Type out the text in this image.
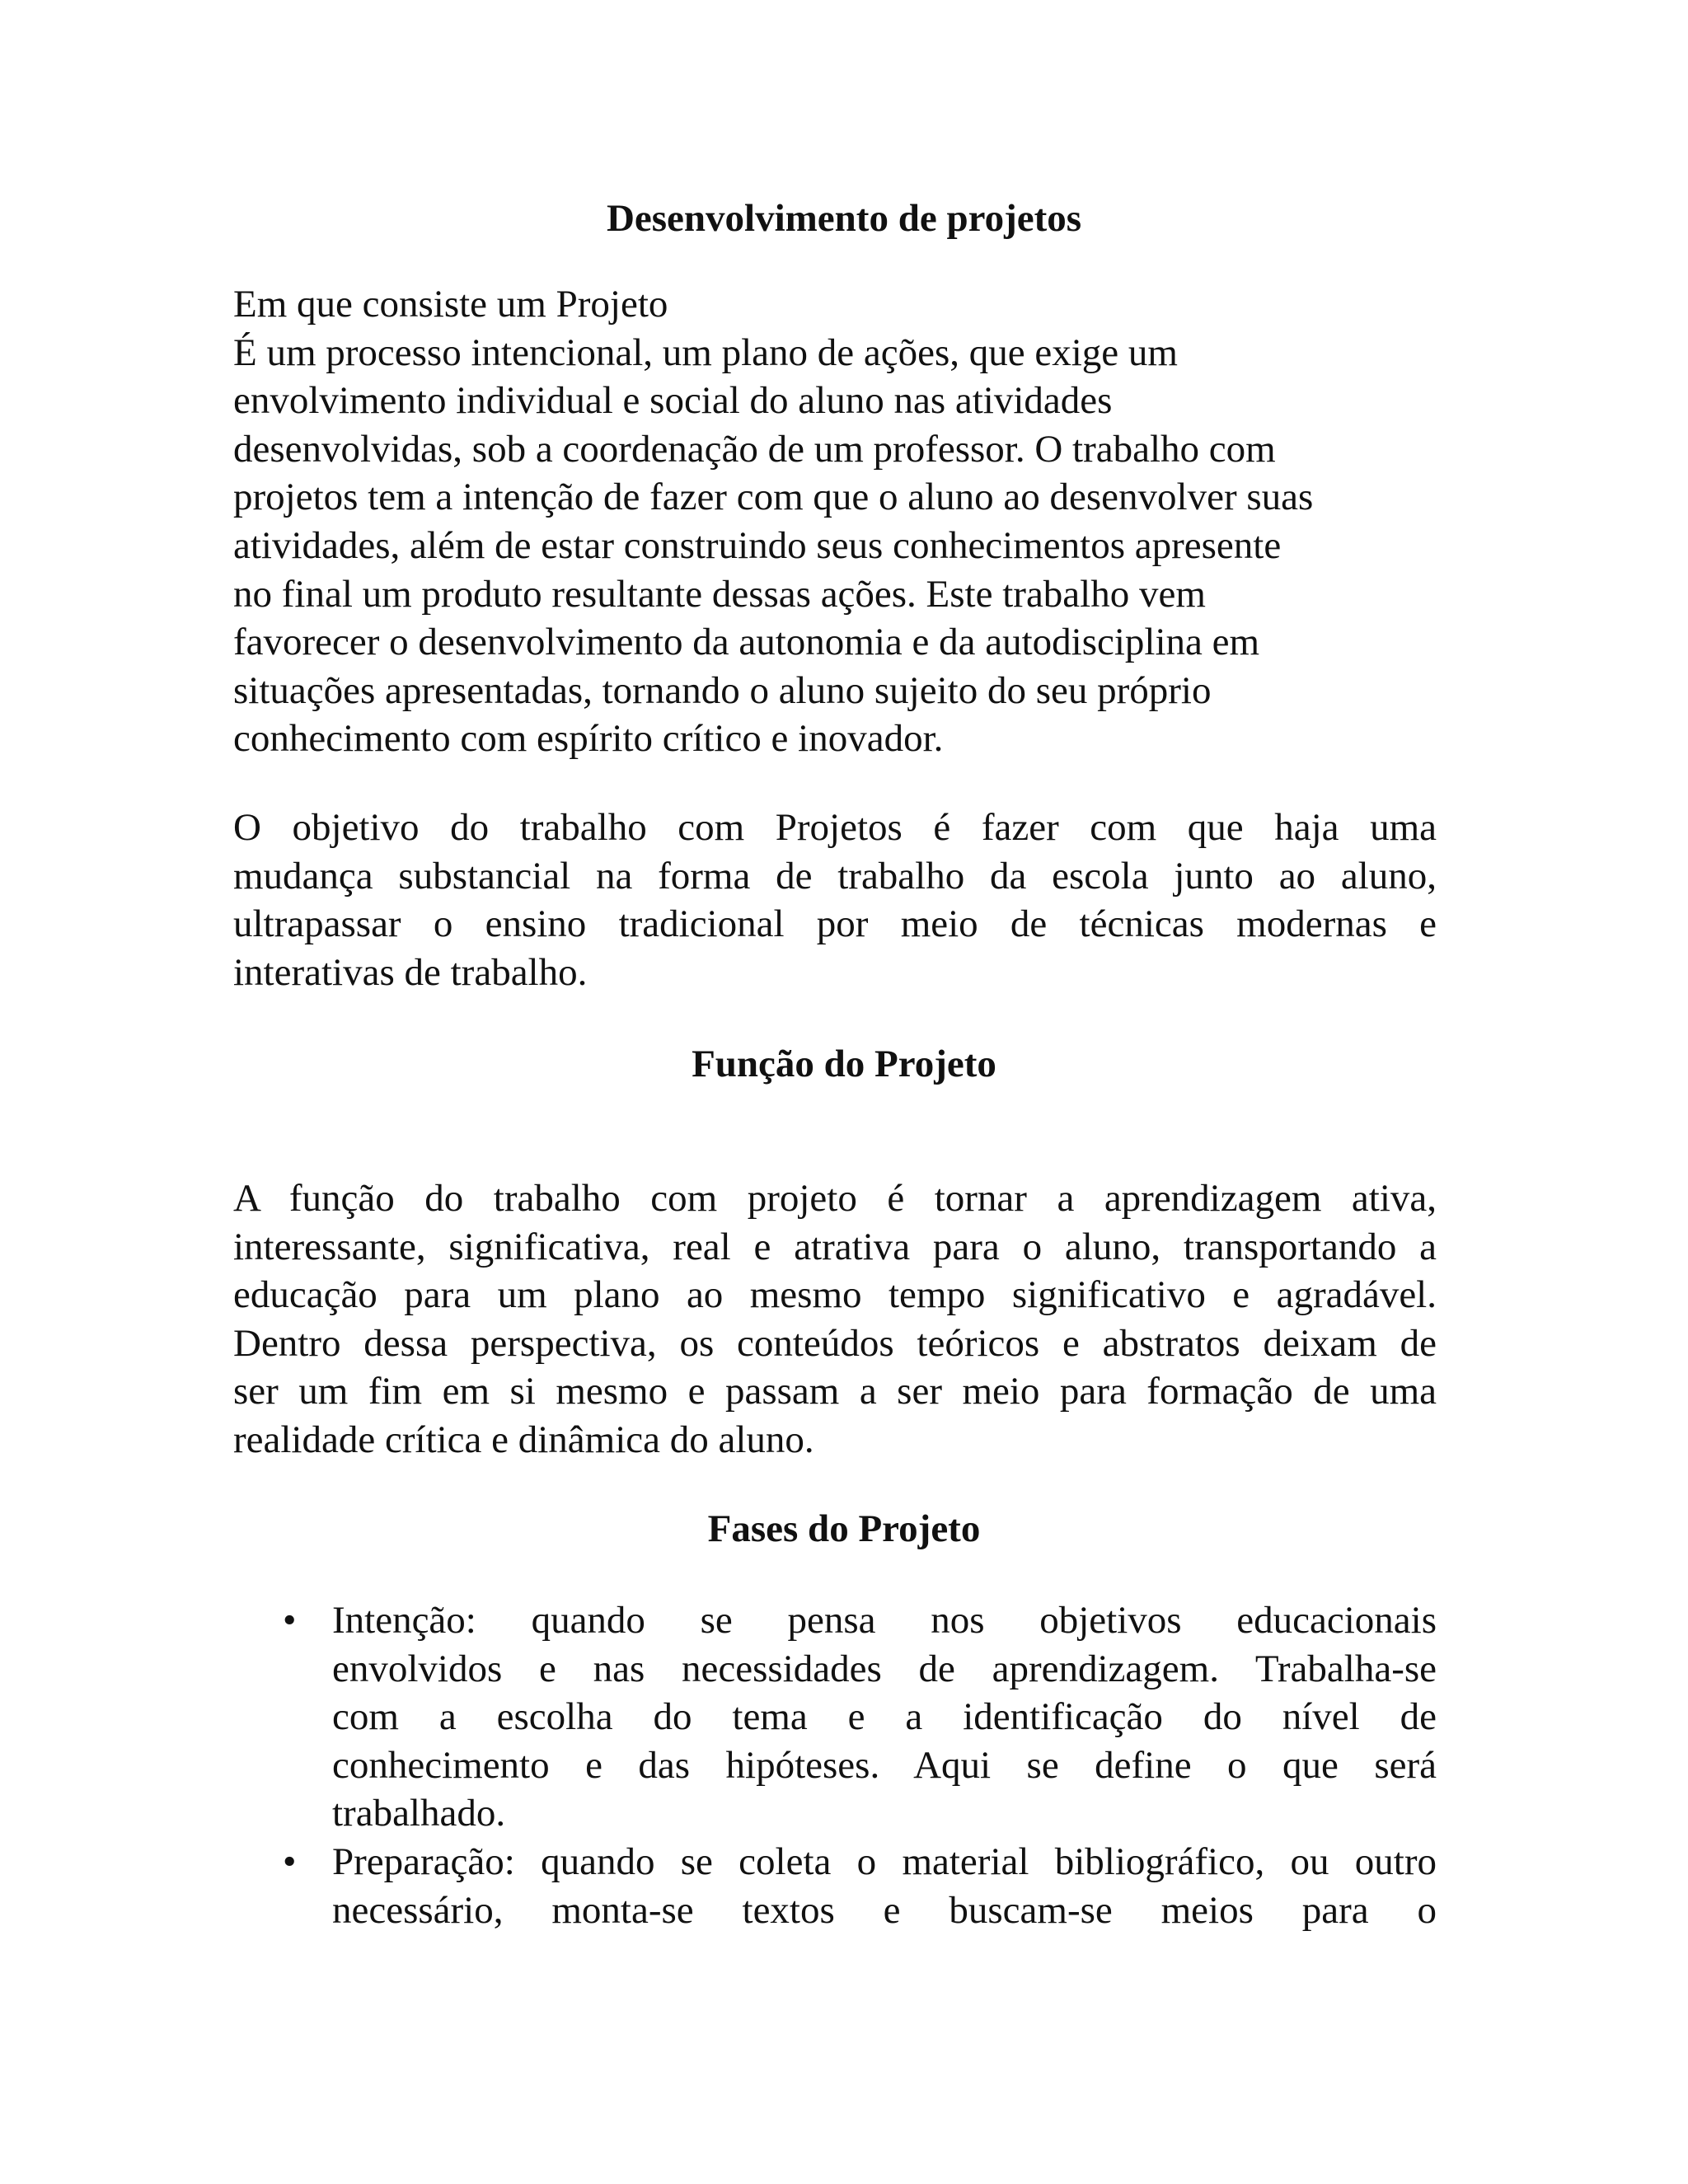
Desenvolvimento de projetos
Em que consiste um Projeto
É um processo intencional, um plano de ações, que exige um
envolvimento individual e social do aluno nas atividades
desenvolvidas, sob a coordenação de um professor. O trabalho com
projetos tem a intenção de fazer com que o aluno ao desenvolver suas
atividades, além de estar construindo seus conhecimentos apresente
no final um produto resultante dessas ações. Este trabalho vem
favorecer o desenvolvimento da autonomia e da autodisciplina em
situações apresentadas, tornando o aluno sujeito do seu próprio
conhecimento com espírito crítico e inovador.
O objetivo do trabalho com Projetos é fazer com que haja uma
mudança substancial na forma de trabalho da escola junto ao aluno,
ultrapassar o ensino tradicional por meio de técnicas modernas e
interativas de trabalho.
Função do Projeto
A função do trabalho com projeto é tornar a aprendizagem ativa,
interessante, significativa, real e atrativa para o aluno, transportando a
educação para um plano ao mesmo tempo significativo e agradável.
Dentro dessa perspectiva, os conteúdos teóricos e abstratos deixam de
ser um fim em si mesmo e passam a ser meio para formação de uma
realidade crítica e dinâmica do aluno.
Fases do Projeto
• Intenção: quando se pensa nos objetivos educacionais
envolvidos e nas necessidades de aprendizagem. Trabalha-se
com a escolha do tema e a identificação do nível de
conhecimento e das hipóteses. Aqui se define o que será
trabalhado.
• Preparação: quando se coleta o material bibliográfico, ou outro
necessário, monta-se textos e buscam-se meios para o
